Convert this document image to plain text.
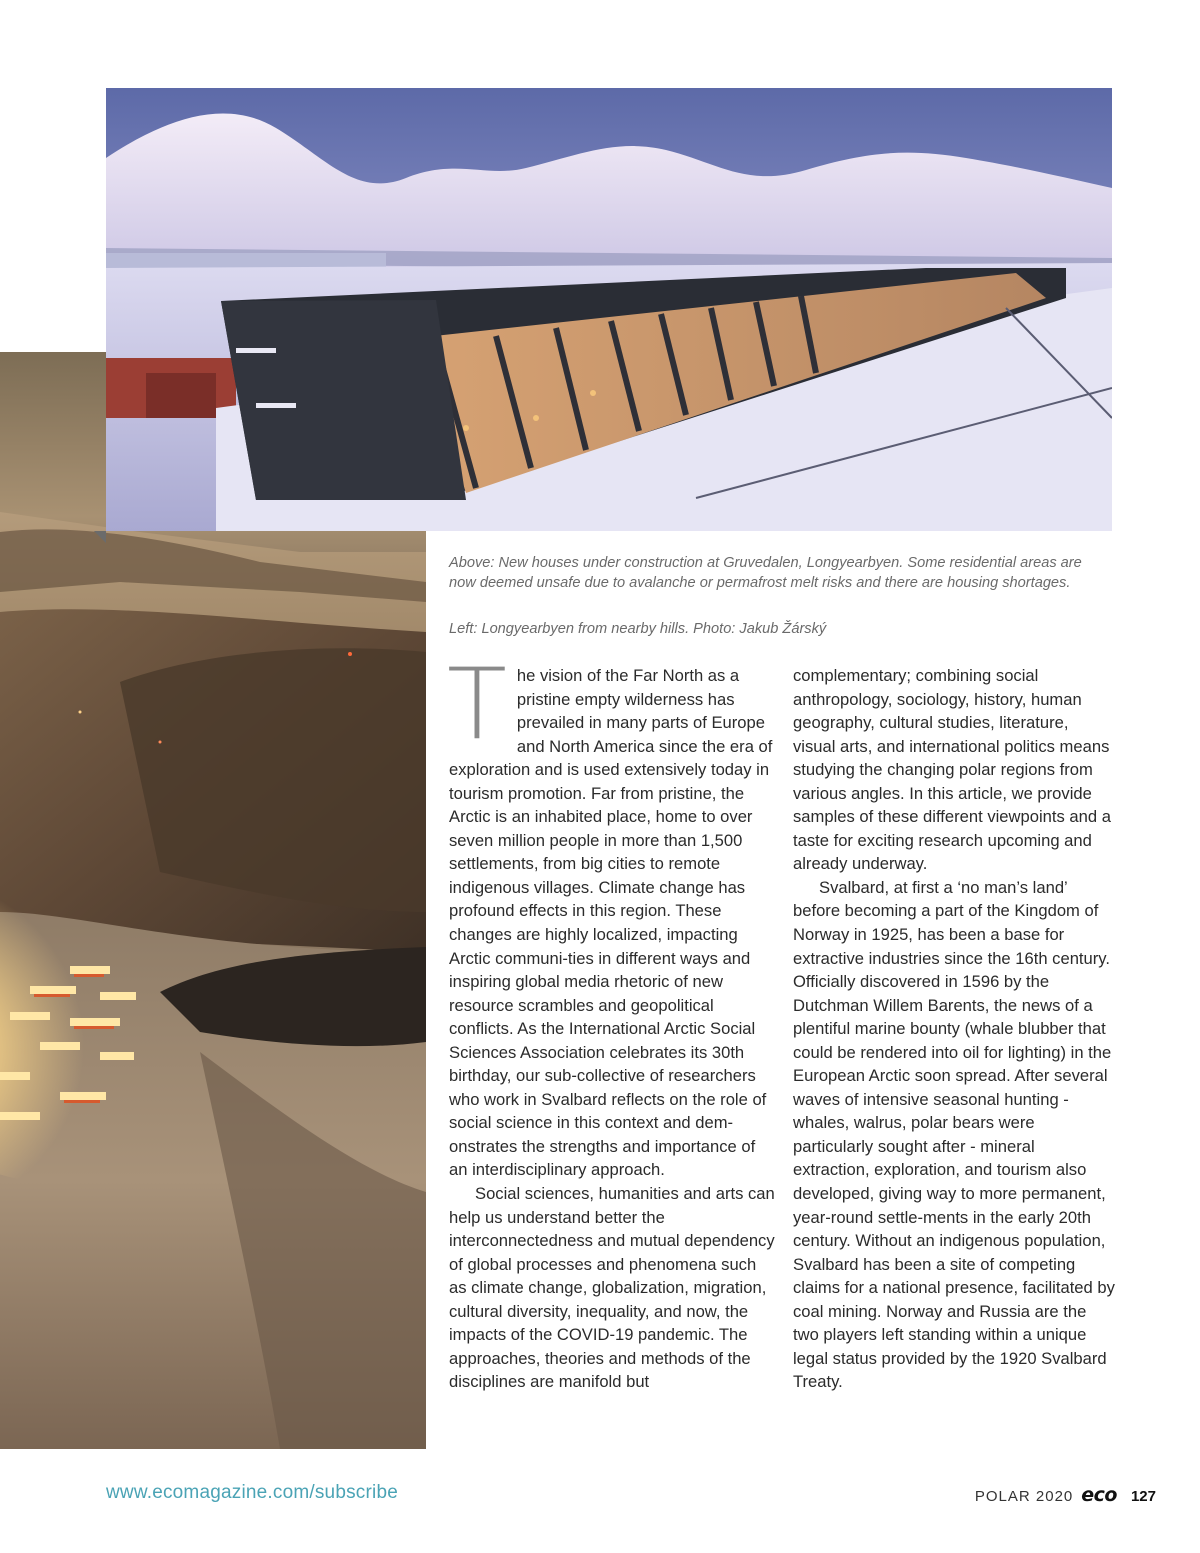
Above: New houses under construction at Gruvedalen, Longyearbyen. Some residential areas are now deemed unsafe due to avalanche or permafrost melt risks and there are housing shortages.
Left: Longyearbyen from nearby hills. Photo: Jakub Žárský

The vision of the Far North as a pristine empty wilderness has prevailed in many parts of Europe and North America since the era of exploration and is used extensively today in tourism promotion. Far from pristine, the Arctic is an inhabited place, home to over seven million people in more than 1,500 settlements, from big cities to remote indigenous villages. Climate change has profound effects in this region. These changes are highly localized, impacting Arctic communi-ties in different ways and inspiring global media rhetoric of new resource scrambles and geopolitical conflicts. As the International Arctic Social Sciences Association celebrates its 30th birthday, our sub-collective of researchers who work in Svalbard reflects on the role of social science in this context and dem-onstrates the strengths and importance of an interdisciplinary approach.

Social sciences, humanities and arts can help us understand better the interconnectedness and mutual dependency of global processes and phenomena such as climate change, globalization, migration, cultural diversity, inequality, and now, the impacts of the COVID-19 pandemic. The approaches, theories and methods of the disciplines are manifold but

complementary; combining social anthropology, sociology, history, human geography, cultural studies, literature, visual arts, and international politics means studying the changing polar regions from various angles. In this article, we provide samples of these different viewpoints and a taste for exciting research upcoming and already underway.

Svalbard, at first a ‘no man’s land’ before becoming a part of the Kingdom of Norway in 1925, has been a base for extractive industries since the 16th century. Officially discovered in 1596 by the Dutchman Willem Barents, the news of a plentiful marine bounty (whale blubber that could be rendered into oil for lighting) in the European Arctic soon spread. After several waves of intensive seasonal hunting - whales, walrus, polar bears were particularly sought after - mineral extraction, exploration, and tourism also developed, giving way to more permanent, year-round settle-ments in the early 20th century. Without an indigenous population, Svalbard has been a site of competing claims for a national presence, facilitated by coal mining. Norway and Russia are the two players left standing within a unique legal status provided by the 1920 Svalbard Treaty.

www.ecomagazine.com/subscribe	POLAR 2020 eco 127
